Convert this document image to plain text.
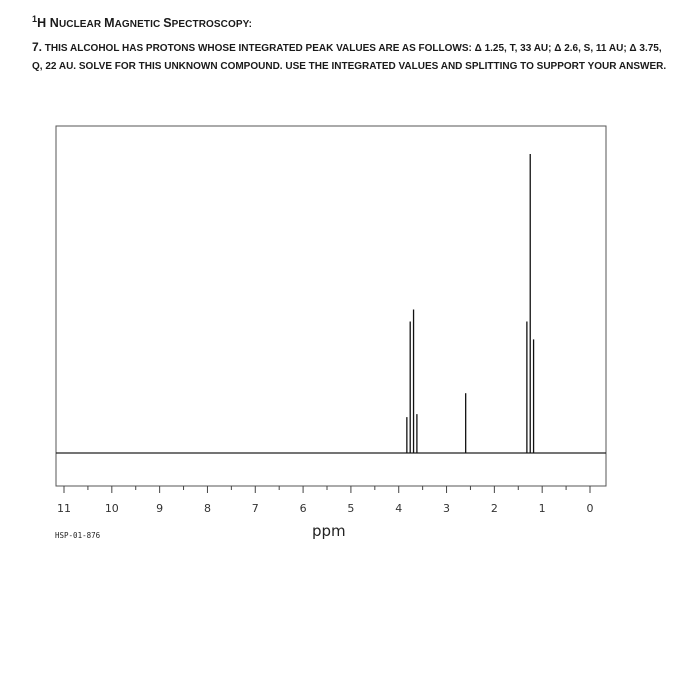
$^1$H NUCLEAR MAGNETIC SPECTROSCOPY:
7. THIS ALCOHOL HAS PROTONS WHOSE INTEGRATED PEAK VALUES ARE AS FOLLOWS: Δ 1.25, T, 33 AU; Δ 2.6, S, 11 AU; Δ 3.75, Q, 22 AU. SOLVE FOR THIS UNKNOWN COMPOUND. USE THE INTEGRATED VALUES AND SPLITTING TO SUPPORT YOUR ANSWER.
11	10	9	8	7	6	5	4	3	2	1	0
HSP-01-876	ppm
